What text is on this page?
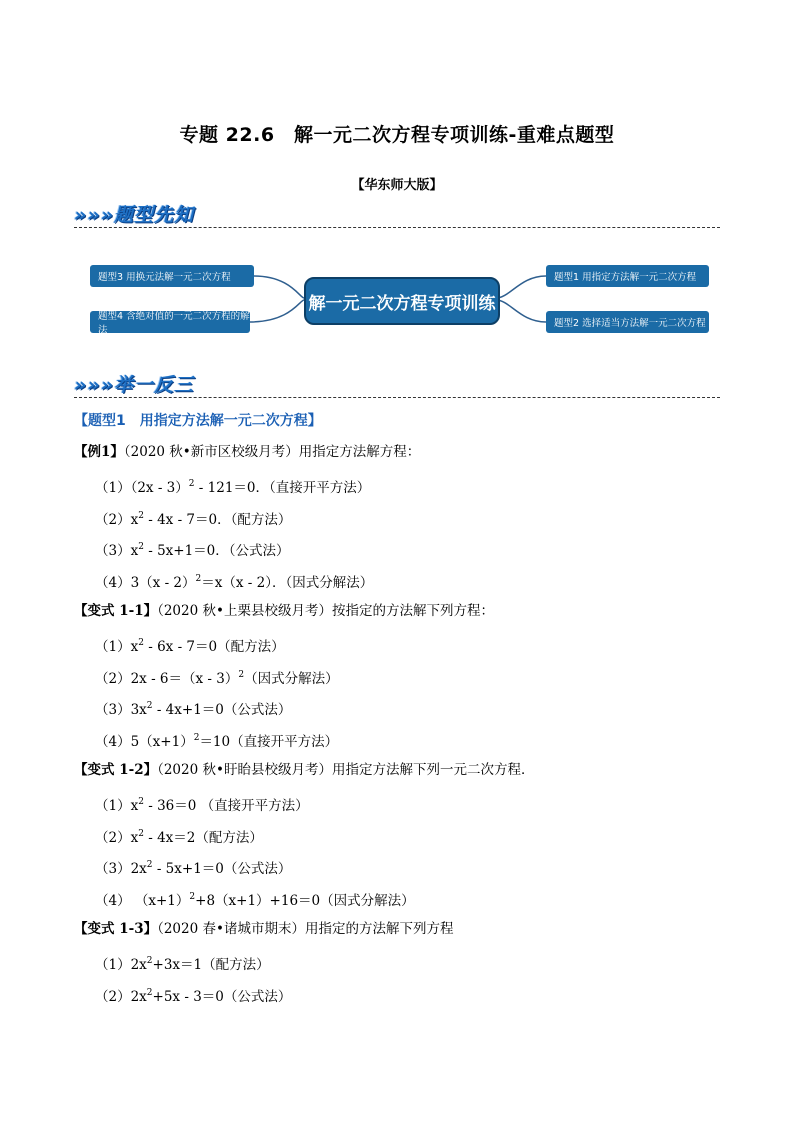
专题 22.6　解一元二次方程专项训练-重难点题型
【华东师大版】
»»»题型先知
解一元二次方程专项训练
题型3 用换元法解一元二次方程
题型4 含绝对值的一元二次方程的解法
题型1 用指定方法解一元二次方程
题型2 选择适当方法解一元二次方程
»»»举一反三
【题型1　用指定方法解一元二次方程】
【例1】（2020 秋•新市区校级月考）用指定方法解方程：
（1）（2x - 3）$^2$ - 121＝0．（直接开平方法）
$(2)x^2 - 4x - 7=0$．（配方法）
$(3)x^2 - 5x+1=0$．（公式法）
（4）3（x - 2）$^2$＝x（x - 2）．（因式分解法）
【变式 1-1】（2020 秋•上栗县校级月考）按指定的方法解下列方程：
$(1)x^2 - 6x - 7=0$（配方法）
（2）2x - 6＝（x - 3）$^2$（因式分解法）
$(3)3x^2 - 4x+1=0$（公式法）
$(4)5(x+1)^2=10$（直接开平方法）
【变式 1-2】（2020 秋•盱眙县校级月考）用指定方法解下列一元二次方程．
$(1)x^2 - 36=0$ （直接开平方法）
$(2)x^2 - 4x=2$（配方法）
$(3)2x^2 - 5x+1=0$（公式法）
（4） $(x+1)^2+8(x+1)+16=0$（因式分解法）
【变式 1-3】（2020 春•诸城市期末）用指定的方法解下列方程
$(1)2x^2+3x=1$（配方法）
$(2)2x^2+5x - 3=0$（公式法）
